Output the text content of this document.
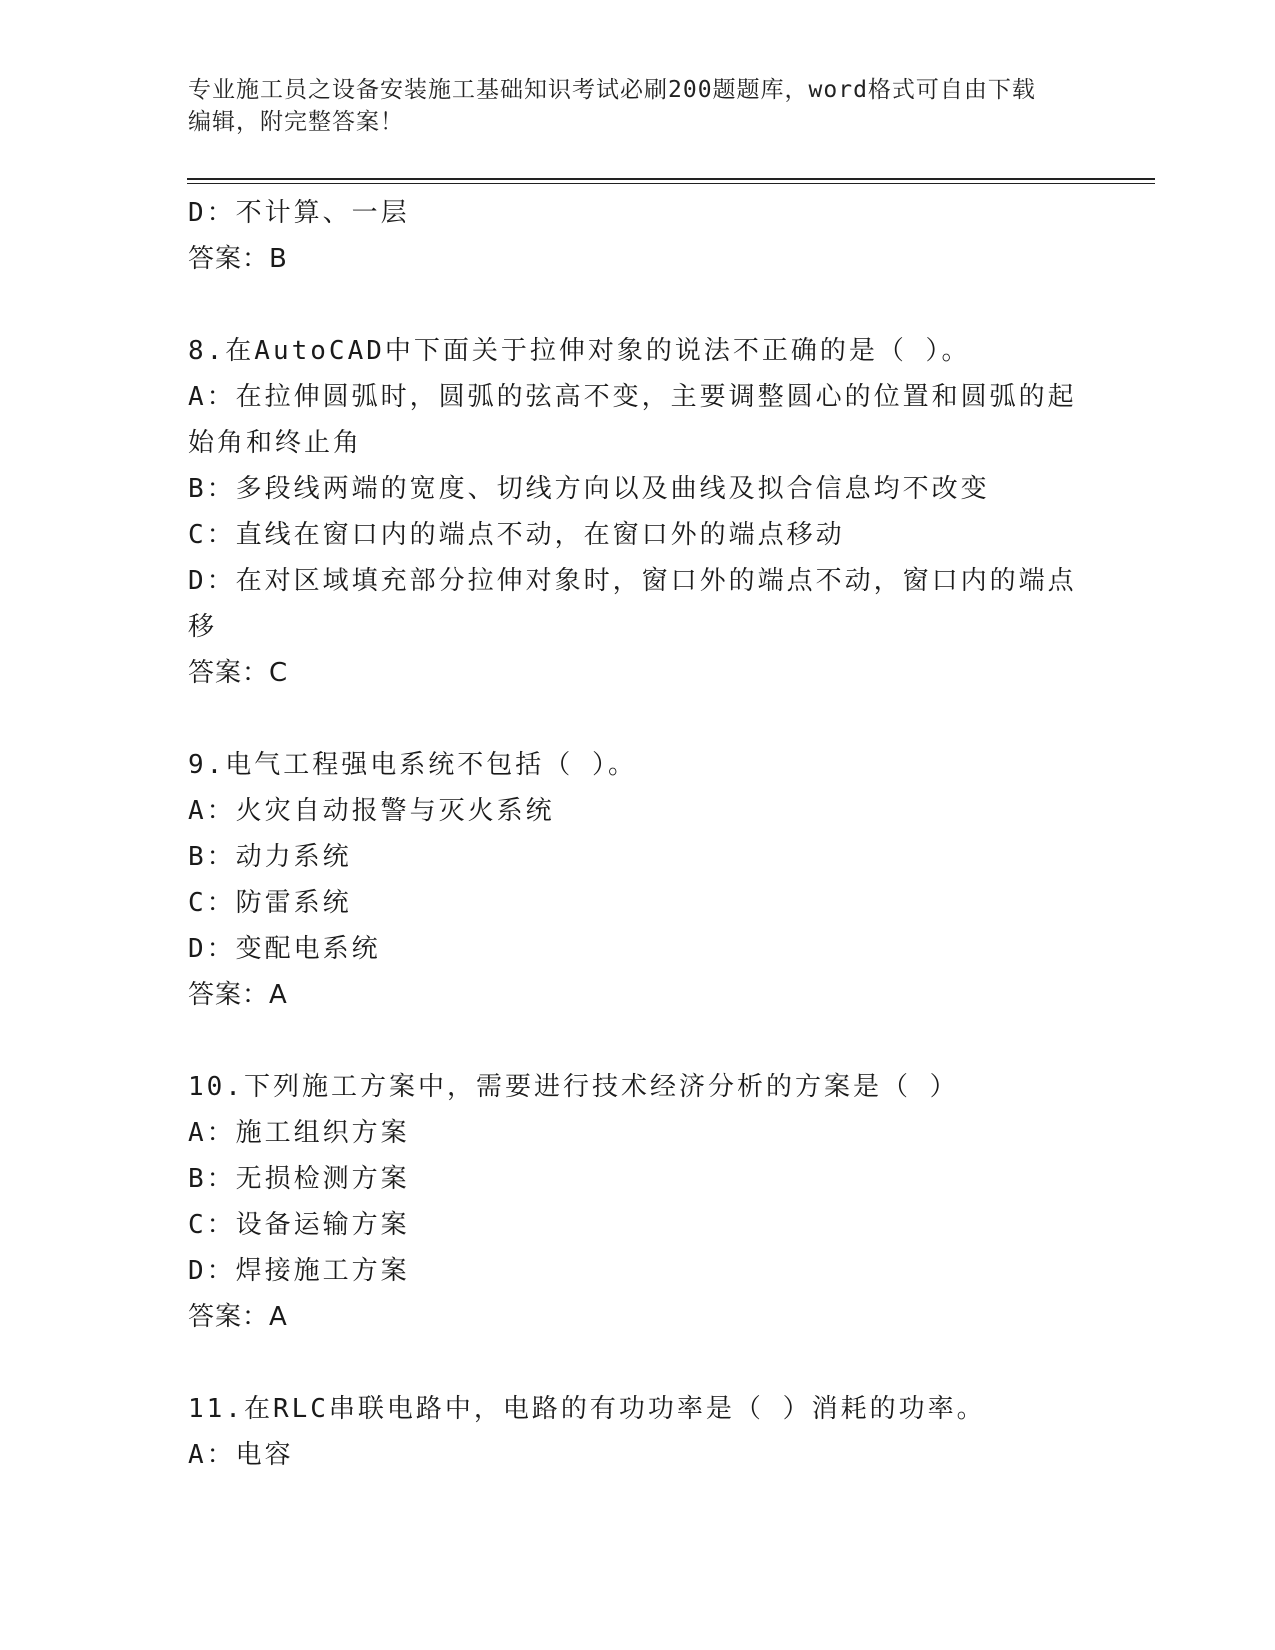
专业施工员之设备安装施工基础知识考试必刷200题题库，word格式可自由下载
编辑，附完整答案！
D：不计算、一层
答案：B
8.在AutoCAD中下面关于拉伸对象的说法不正确的是（ ）。
A：在拉伸圆弧时，圆弧的弦高不变，主要调整圆心的位置和圆弧的起
始角和终止角
B：多段线两端的宽度、切线方向以及曲线及拟合信息均不改变
C：直线在窗口内的端点不动，在窗口外的端点移动
D：在对区域填充部分拉伸对象时，窗口外的端点不动，窗口内的端点
移
答案：C
9.电气工程强电系统不包括（ ）。
A：火灾自动报警与灭火系统
B：动力系统
C：防雷系统
D：变配电系统
答案：A
10.下列施工方案中，需要进行技术经济分析的方案是（ ）
A：施工组织方案
B：无损检测方案
C：设备运输方案
D：焊接施工方案
答案：A
11.在RLC串联电路中，电路的有功功率是（ ）消耗的功率。
A：电容
